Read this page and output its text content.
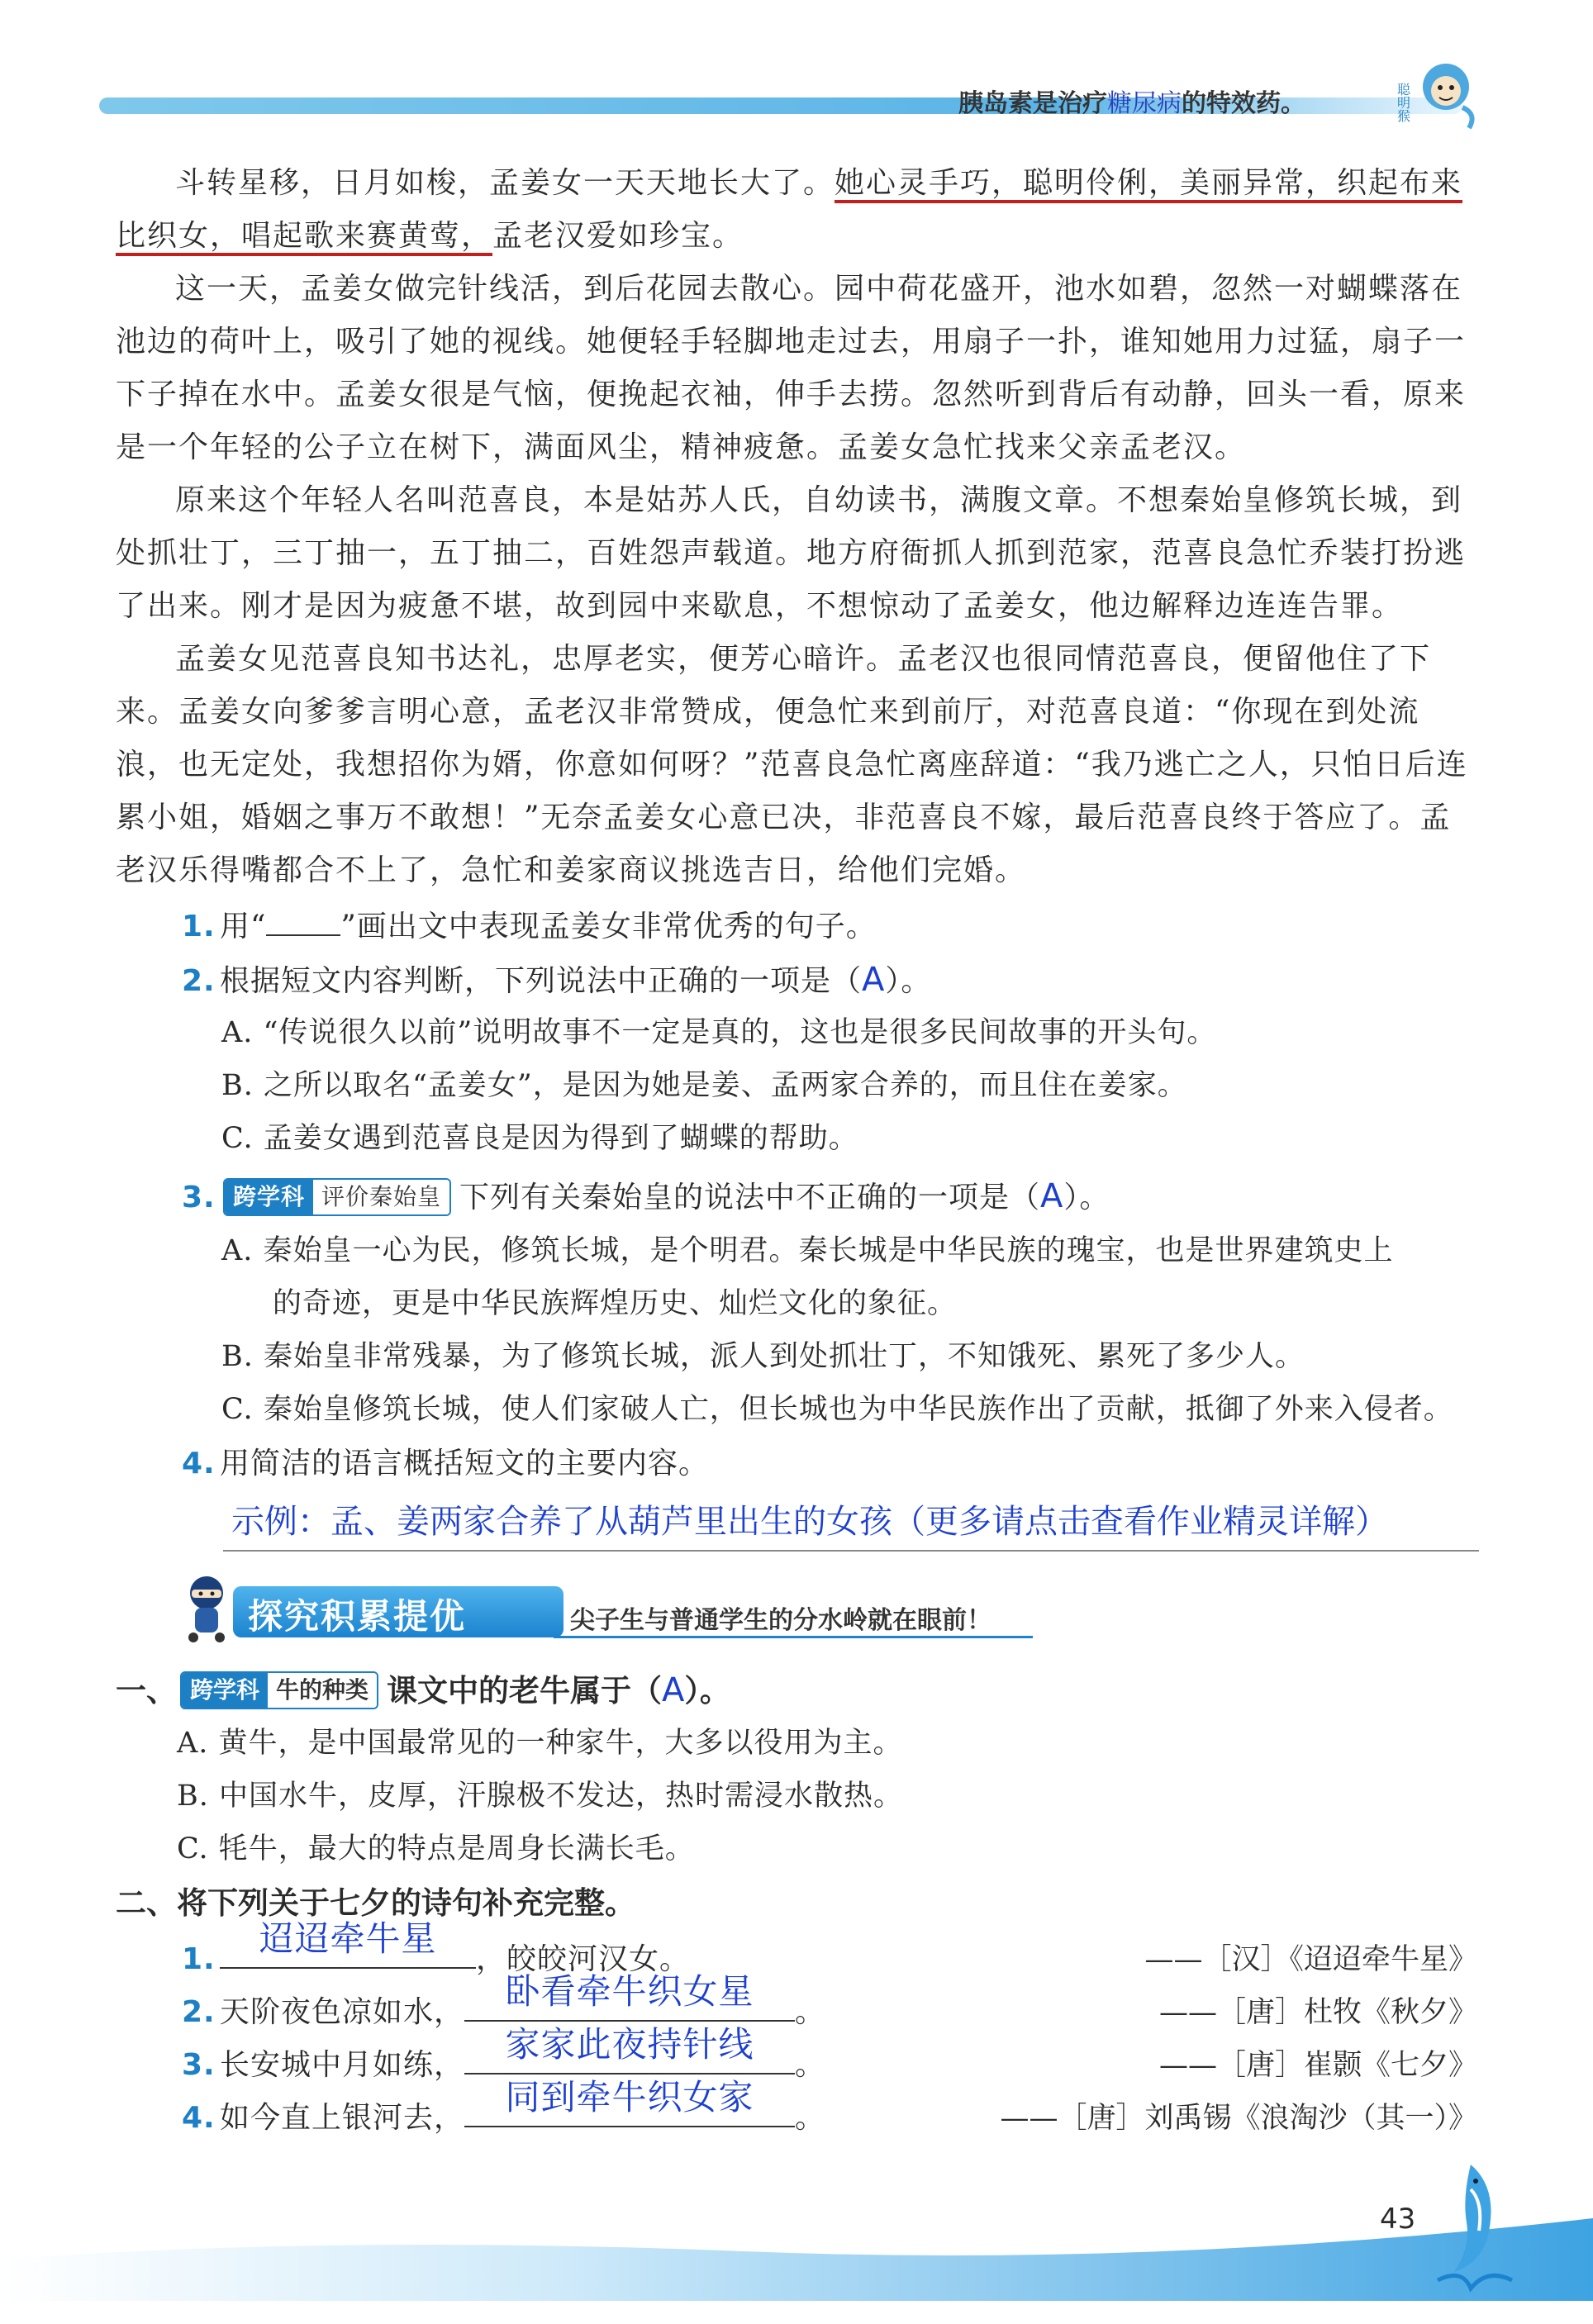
胰岛素是治疗糖尿病的特效药。	聪明猴

斗转星移，日月如梭，孟姜女一天天地长大了。她心灵手巧，聪明伶俐，美丽异常，织起布来比织女，唱起歌来赛黄莺，孟老汉爱如珍宝。

这一天，孟姜女做完针线活，到后花园去散心。园中荷花盛开，池水如碧，忽然一对蝴蝶落在池边的荷叶上，吸引了她的视线。她便轻手轻脚地走过去，用扇子一扑，谁知她用力过猛，扇子一下子掉在水中。孟姜女很是气恼，便挽起衣袖，伸手去捞。忽然听到背后有动静，回头一看，原来是一个年轻的公子立在树下，满面风尘，精神疲惫。孟姜女急忙找来父亲孟老汉。

原来这个年轻人名叫范喜良，本是姑苏人氏，自幼读书，满腹文章。不想秦始皇修筑长城，到处抓壮丁，三丁抽一，五丁抽二，百姓怨声载道。地方府衙抓人抓到范家，范喜良急忙乔装打扮逃了出来。刚才是因为疲惫不堪，故到园中来歇息，不想惊动了孟姜女，他边解释边连连告罪。

孟姜女见范喜良知书达礼，忠厚老实，便芳心暗许。孟老汉也很同情范喜良，便留他住了下来。孟姜女向爹爹言明心意，孟老汉非常赞成，便急忙来到前厅，对范喜良道：“你现在到处流浪，也无定处，我想招你为婿，你意如何呀？”范喜良急忙离座辞道：“我乃逃亡之人，只怕日后连累小姐，婚姻之事万不敢想！”无奈孟姜女心意已决，非范喜良不嫁，最后范喜良终于答应了。孟老汉乐得嘴都合不上了，急忙和姜家商议挑选吉日，给他们完婚。

1. 用“	”画出文中表现孟姜女非常优秀的句子。

2. 根据短文内容判断，下列说法中正确的一项是（A）。

A. “传说很久以前”说明故事不一定是真的，这也是很多民间故事的开头句。

B. 之所以取名“孟姜女”，是因为她是姜、孟两家合养的，而且住在姜家。

C. 孟姜女遇到范喜良是因为得到了蝴蝶的帮助。

3. 跨学科 评价秦始皇 下列有关秦始皇的说法中不正确的一项是（A）。

A. 秦始皇一心为民，修筑长城，是个明君。秦长城是中华民族的瑰宝，也是世界建筑史上

的奇迹，更是中华民族辉煌历史、灿烂文化的象征。

B. 秦始皇非常残暴，为了修筑长城，派人到处抓壮丁，不知饿死、累死了多少人。

C. 秦始皇修筑长城，使人们家破人亡，但长城也为中华民族作出了贡献，抵御了外来入侵者。

4. 用简洁的语言概括短文的主要内容。

示例：孟、姜两家合养了从葫芦里出生的女孩（更多请点击查看作业精灵详解）
探究积累提优	尖子生与普通学生的分水岭就在眼前！

一、 跨学科 牛的种类 课文中的老牛属于（A）。

A. 黄牛，是中国最常见的一种家牛，大多以役用为主。

B. 中国水牛，皮厚，汗腺极不发达，热时需浸水散热。

C. 牦牛，最大的特点是周身长满长毛。

二、将下列关于七夕的诗句补充完整。

1.
迢迢牵牛星
，皎皎河汉女。	——［汉］《迢迢牵牛星》

2. 天阶夜色凉如水，
卧看牵牛织女星
。	——［唐］杜牧《秋夕》

3. 长安城中月如练，
家家此夜持针线
。	——［唐］崔颢《七夕》

4. 如今直上银河去，
同到牵牛织女家
。	——［唐］刘禹锡《浪淘沙（其一）》
43
